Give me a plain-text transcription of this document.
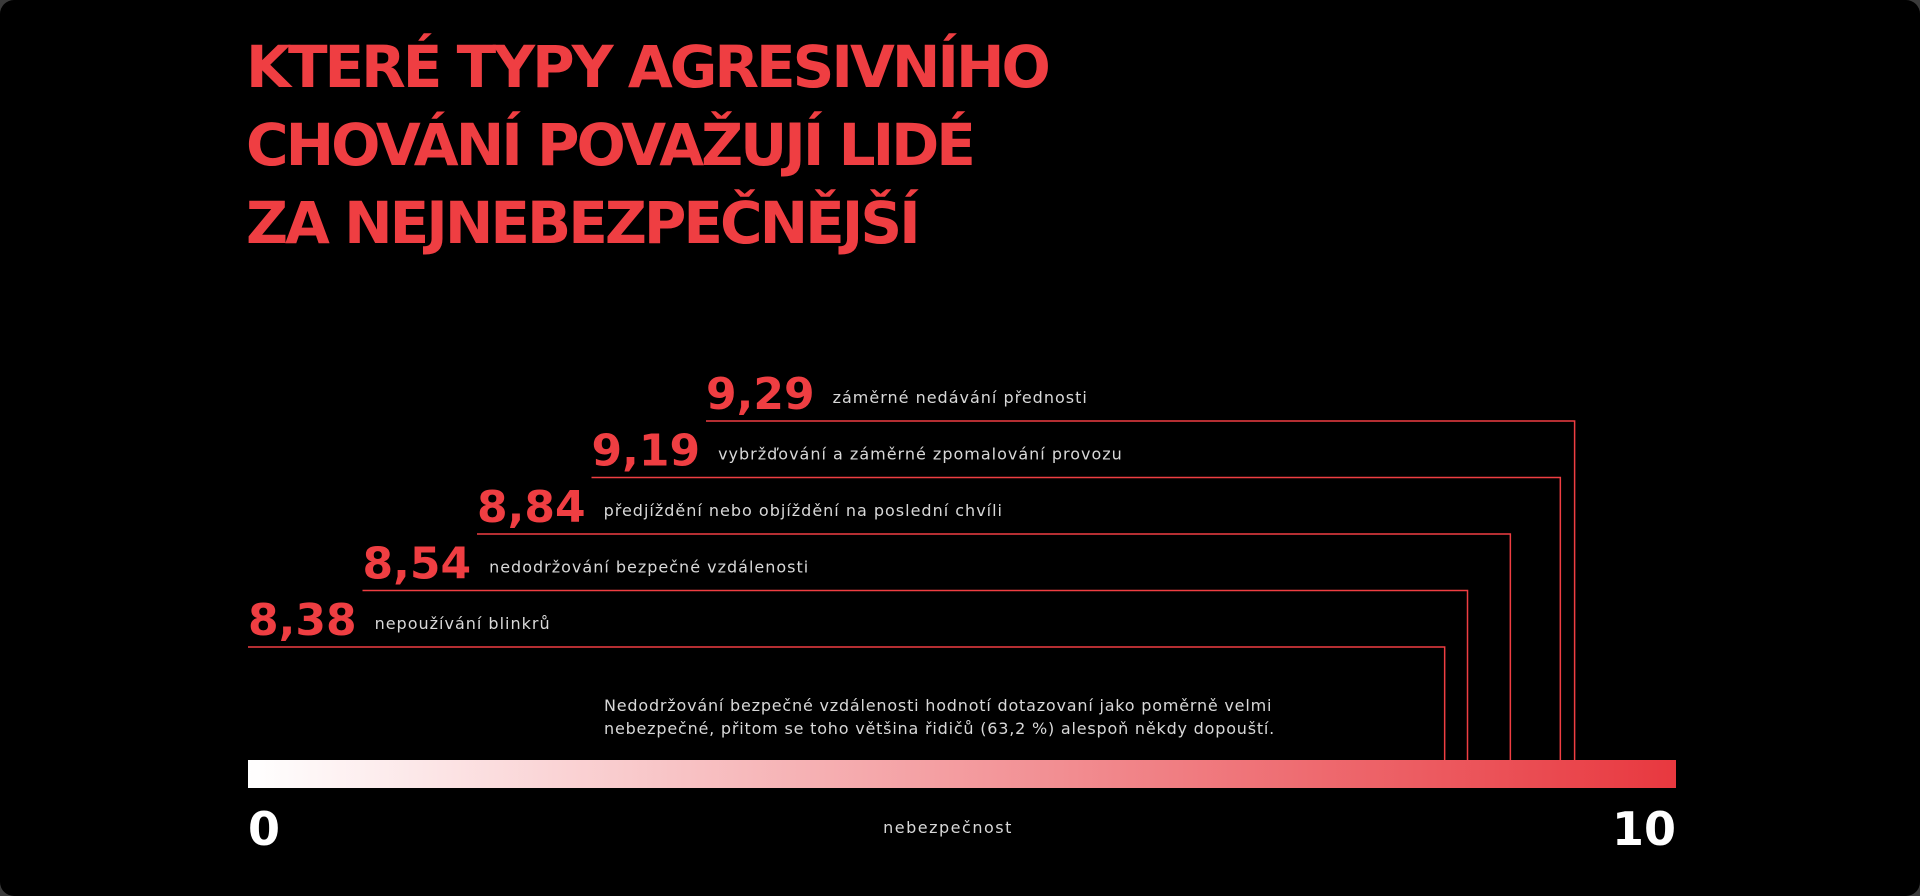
KTERÉ TYPY AGRESIVNÍHO
CHOVÁNÍ POVAŽUJÍ LIDÉ
ZA NEJNEBEZPEČNĚJŠÍ
8,38 nepoužívání blinkrů
8,54 nedodržování bezpečné vzdálenosti
8,84 předjíždění nebo objíždění na poslední chvíli
9,19 vybržďování a záměrné zpomalování provozu
9,29 záměrné nedávání přednosti
0	10
nebezpečnost

Nedodržování bezpečné vzdálenosti hodnotí dotazovaní jako poměrně velmi nebezpečné, přitom se toho většina řidičů (63,2 %) alespoň někdy dopouští.
